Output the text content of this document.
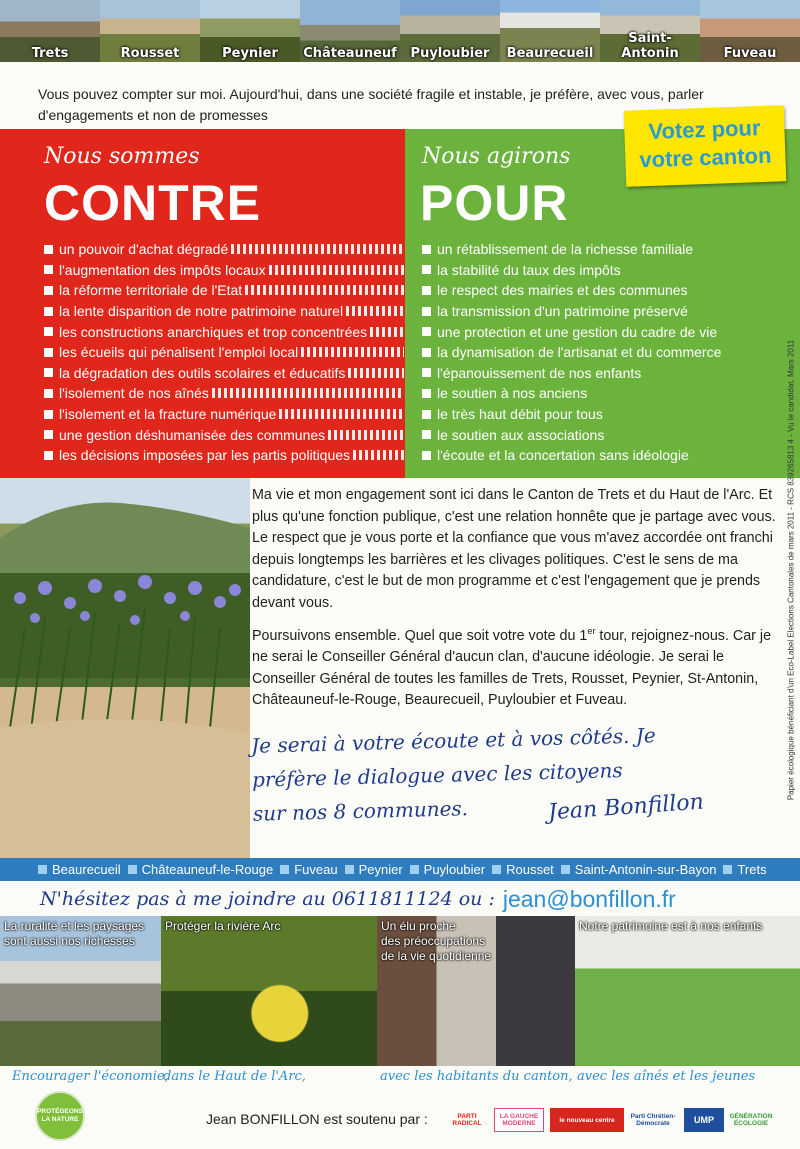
Trets	Rousset	Peynier	Châteauneuf	Puyloubier	Beaurecueil
Saint-Antonin	Fuveau
Vous pouvez compter sur moi. Aujourd'hui, dans une société fragile et instable, je préfère, avec vous, parler d'engagements et non de promesses
Nous sommes
CONTRE
un pouvoir d'achat dégradé
l'augmentation des impôts locaux
la réforme territoriale de l'Etat
la lente disparition de notre patrimoine naturel
les constructions anarchiques et trop concentrées
les écueils qui pénalisent l'emploi local
la dégradation des outils scolaires et éducatifs
l'isolement de nos aînés
l'isolement et la fracture numérique
une gestion déshumanisée des communes
les décisions imposées par les partis politiques
Nous agirons
POUR
un rétablissement de la richesse familiale
la stabilité du taux des impôts
le respect des mairies et des communes
la transmission d'un patrimoine préservé
une protection et une gestion du cadre de vie
la dynamisation de l'artisanat et du commerce
l'épanouissement de nos enfants
le soutien à nos anciens
le très haut débit pour tous
le soutien aux associations
l'écoute et la concertation sans idéologie
Votez pour
votre canton
Papier écologique bénéficiant d'un Eco-Label Elections Cantonales de mars 2011 - RCS 839265813 4 - Vu le candidat, Mars 2011

Ma vie et mon engagement sont ici dans le Canton de Trets et du Haut de l'Arc. Et plus qu'une fonction publique, c'est une relation honnête que je partage avec vous. Le respect que je vous porte et la confiance que vous m'avez accordée ont franchi depuis longtemps les barrières et les clivages politiques. C'est le sens de ma candidature, c'est le but de mon programme et c'est l'engagement que je prends devant vous.

Poursuivons ensemble. Quel que soit votre vote du 1er tour, rejoignez-nous. Car je ne serai le Conseiller Général d'aucun clan, d'aucune idéologie. Je serai le Conseiller Général de toutes les familles de Trets, Rousset, Peynier, St-Antonin, Châteauneuf-le-Rouge, Beaurecueil, Puyloubier et Fuveau.

Je serai à votre écoute et à vos côtés. Je
préfère le dialogue avec les citoyens
sur nos 8 communes.	Jean Bonfillon
Beaurecueil Châteauneuf-le-Rouge Fuveau Peynier Puyloubier Rousset Saint-Antonin-sur-Bayon Trets
N'hésitez pas à me joindre au 0611811124 ou : jean@bonfillon.fr
La ruralité et les paysages
sont aussi nos richesses
Protéger la rivière Arc	Un élu proche
des préoccupations
de la vie quotidienne
Notre patrimoine est à nos enfants
Encourager l'économie,
dans le Haut de l'Arc,	avec les habitants du canton, avec les aînés et les jeunes
PROTÉGEONS LA NATURE	Jean BONFILLON est soutenu par :	PARTI RADICAL
LA GAUCHE MODERNE	le nouveau centre	Parti Chrétien-Démocrate	UMP	GÉNÉRATION ÉCOLOGIE
